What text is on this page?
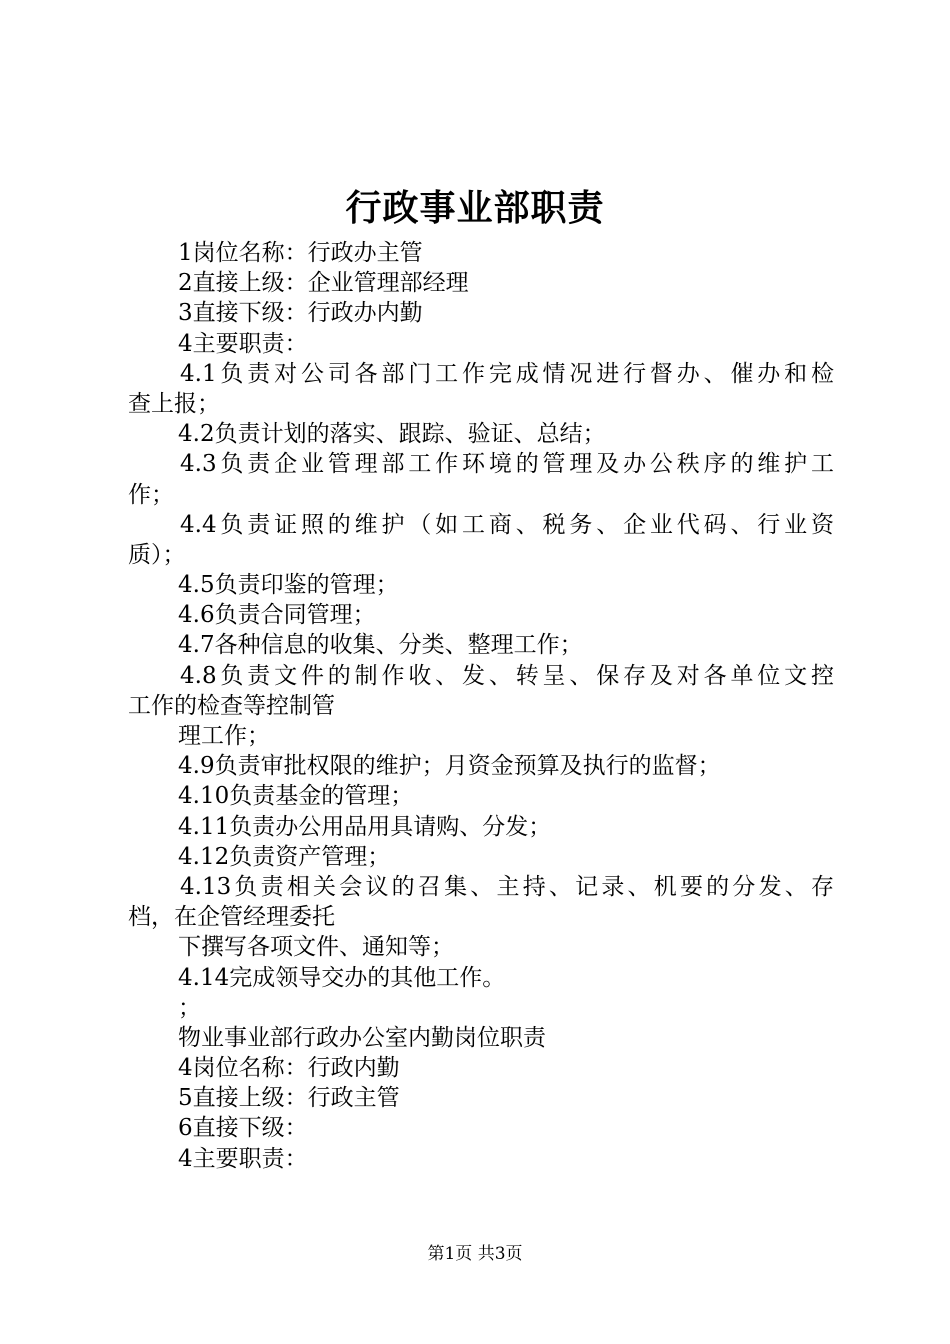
行政事业部职责
1岗位名称：行政办主管
2直接上级：企业管理部经理
3直接下级：行政办内勤
4主要职责：
4.1负责对公司各部门工作完成情况进行督办、催办和检
查上报；
4.2负责计划的落实、跟踪、验证、总结；
4.3负责企业管理部工作环境的管理及办公秩序的维护工
作；
4.4负责证照的维护（如工商、税务、企业代码、行业资
质）；
4.5负责印鉴的管理；
4.6负责合同管理；
4.7各种信息的收集、分类、整理工作；
4.8负责文件的制作收、发、转呈、保存及对各单位文控
工作的检查等控制管
理工作；
4.9负责审批权限的维护；月资金预算及执行的监督；
4.10负责基金的管理；
4.11负责办公用品用具请购、分发；
4.12负责资产管理；
4.13负责相关会议的召集、主持、记录、机要的分发、存
档，在企管经理委托
下撰写各项文件、通知等；
4.14完成领导交办的其他工作。
；
物业事业部行政办公室内勤岗位职责
4岗位名称：行政内勤
5直接上级：行政主管
6直接下级：
4主要职责：
第1页 共3页
